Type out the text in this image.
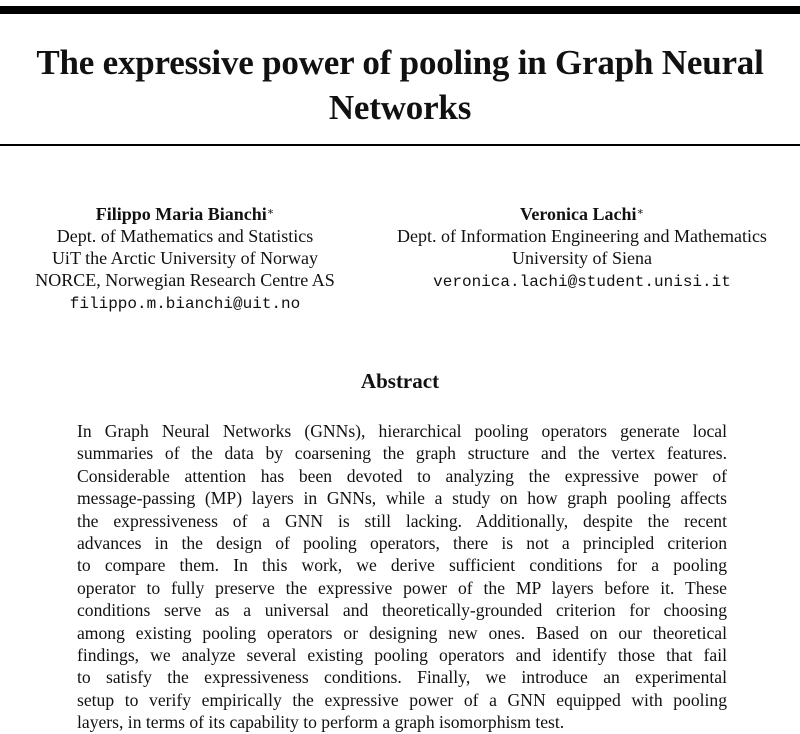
The expressive power of pooling in Graph Neural
Networks
Filippo Maria Bianchi∗
Dept. of Mathematics and Statistics
UiT the Arctic University of Norway
NORCE, Norwegian Research Centre AS
filippo.m.bianchi@uit.no
Veronica Lachi∗
Dept. of Information Engineering and Mathematics
University of Siena
veronica.lachi@student.unisi.it
Abstract
In Graph Neural Networks (GNNs), hierarchical pooling operators generate local
summaries of the data by coarsening the graph structure and the vertex features.
Considerable attention has been devoted to analyzing the expressive power of
message-passing (MP) layers in GNNs, while a study on how graph pooling affects
the expressiveness of a GNN is still lacking. Additionally, despite the recent
advances in the design of pooling operators, there is not a principled criterion
to compare them. In this work, we derive sufficient conditions for a pooling
operator to fully preserve the expressive power of the MP layers before it. These
conditions serve as a universal and theoretically-grounded criterion for choosing
among existing pooling operators or designing new ones. Based on our theoretical
findings, we analyze several existing pooling operators and identify those that fail
to satisfy the expressiveness conditions. Finally, we introduce an experimental
setup to verify empirically the expressive power of a GNN equipped with pooling
layers, in terms of its capability to perform a graph isomorphism test.
